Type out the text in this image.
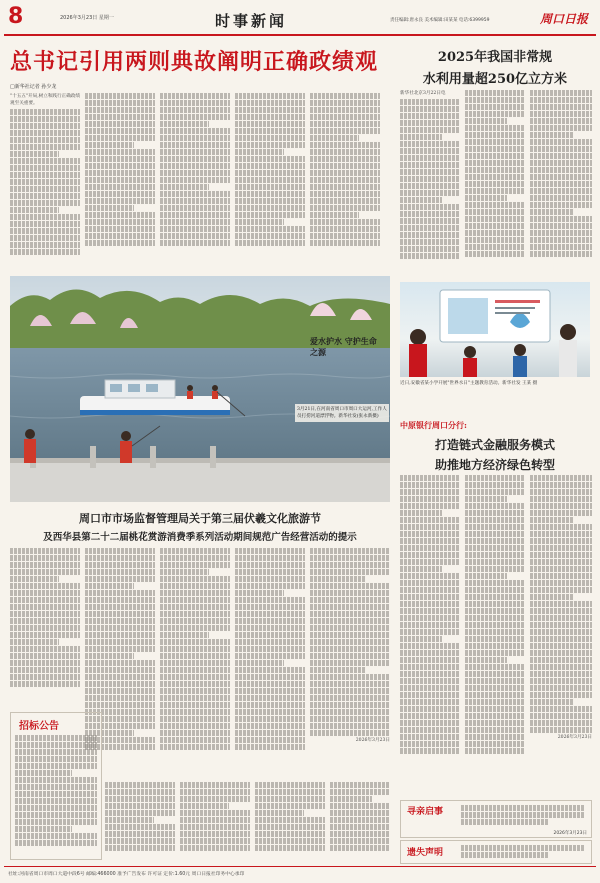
8	2026年3月23日 星期一	时事新闻	责任编辑:唐永良 美术编辑:田某某 电话:6399959	周口日报
总书记引用两则典故阐明正确政绩观
□新华社记者 孙少龙
"十五五"开局,树立和践行正确政绩观至关重要。
2025年我国非常规
水利用量超250亿立方米
新华社北京3月22日电
近日,安徽省某小学开展"世界水日"主题教育活动。新华社发 王某 摄
爱水护水 守护生命之源
3月21日,在河南省周口市周口大运河,工作人员打捞河道漂浮物。新华社发(张永新摄)
中原银行周口分行:
打造链式金融服务模式
助推地方经济绿色转型
2026年3月23日
周口市市场监督管理局关于第三届伏羲文化旅游节
及西华县第二十二届桃花赏游消费季系列活动期间规范广告经营活动的提示
2026年3月23日
招标公告
寻亲启事
2026年3月23日
遗失声明
社址:河南省周口市周口大道中段6号 邮编:466000 准予广告发布 许可证 定价:1.60元 周口日报社印务中心承印
